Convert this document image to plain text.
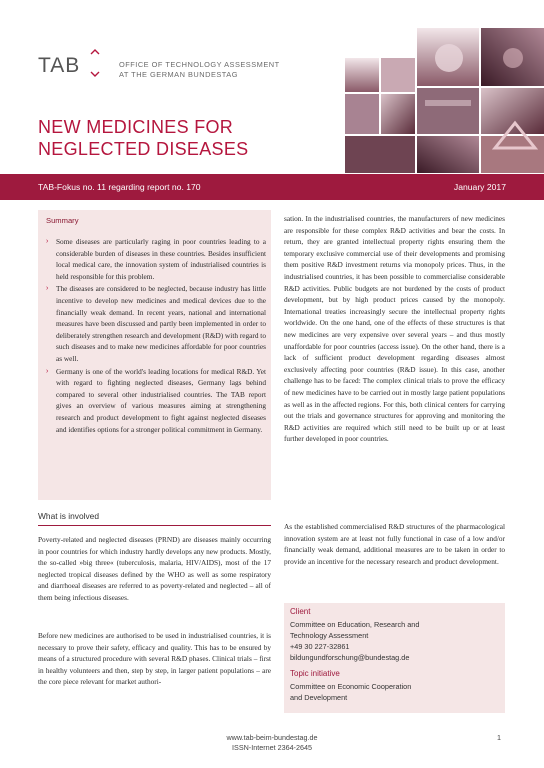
TAB	OFFICE OF TECHNOLOGY ASSESSMENT
AT THE GERMAN BUNDESTAG
NEW MEDICINES FOR
NEGLECTED DISEASES
TAB-Fokus no. 11 regarding report no. 170	January 2017
Summary
› Some diseases are particularly raging in poor countries leading to a considerable burden of diseases in these countries. Besides insufficient local medical care, the innovation system of industrialised countries is held responsible for this problem.
› The diseases are considered to be neglected, because industry has little incentive to develop new medicines and medical devices due to the financially weak demand. In recent years, national and international measures have been discussed and partly been implemented in order to deliberately strengthen research and development (R&D) with regard to such diseases and to make new medicines affordable for poor countries as well.
› Germany is one of the world's leading locations for medical R&D. Yet with regard to fighting neglected diseases, Germany lags behind compared to several other industrialised countries. The TAB report gives an overview of various measures aiming at strengthening research and product development to fight against neglected diseases and identifies options for a stronger political commitment in Germany.
What is involved
Poverty-related and neglected diseases (PRND) are diseases mainly occurring in poor countries for which industry hardly develops any new products. Mostly, the so-called »big three« (tuberculosis, malaria, HIV/AIDS), most of the 17 neglected tropical diseases defined by the WHO as well as some respiratory and diarrhoeal diseases are referred to as poverty-related and neglected – all of them being infectious diseases.
Before new medicines are authorised to be used in industrialised countries, it is necessary to prove their safety, efficacy and quality. This has to be ensured by means of a structured procedure with several R&D phases. Clinical trials – first in healthy volunteers and then, step by step, in larger patient populations – are the core piece relevant for market authori-
sation. In the industrialised countries, the manufacturers of new medicines are responsible for these complex R&D activities and bear the costs. In return, they are granted intellectual property rights ensuring them the temporary exclusive commercial use of their developments and promising them positive R&D investment returns via monopoly prices. Thus, in the industrialised countries, it has been possible to commercialise considerable R&D activities. Public budgets are not burdened by the costs of product development, but by high product prices caused by the monopoly. International treaties increasingly secure the intellectual property rights worldwide. On the one hand, one of the effects of these structures is that new medicines are very expensive over several years – and thus mostly unaffordable for poor countries (access issue). On the other hand, there is a lack of sufficient product development regarding diseases almost exclusively affecting poor countries (R&D issue). In this case, another challenge has to be faced: The complex clinical trials to prove the efficacy of new medicines have to be carried out in mostly large patient populations as well as in the affected regions. For this, both clinical centers for carrying out the trials and governance structures for approving and monitoring the R&D activities are required which still need to be built up or at least further developed in poor countries.
As the established commercialised R&D structures of the pharmacological innovation system are at least not fully functional in case of a low and/or financially weak demand, additional measures are to be taken in order to provide an incentive for the necessary research and product development.
Client
Committee on Education, Research and
Technology Assessment
+49 30 227-32861
bildungundforschung@bundestag.de
Topic initiative
Committee on Economic Cooperation
and Development
www.tab-beim-bundestag.de
ISSN-Internet 2364-2645
1
